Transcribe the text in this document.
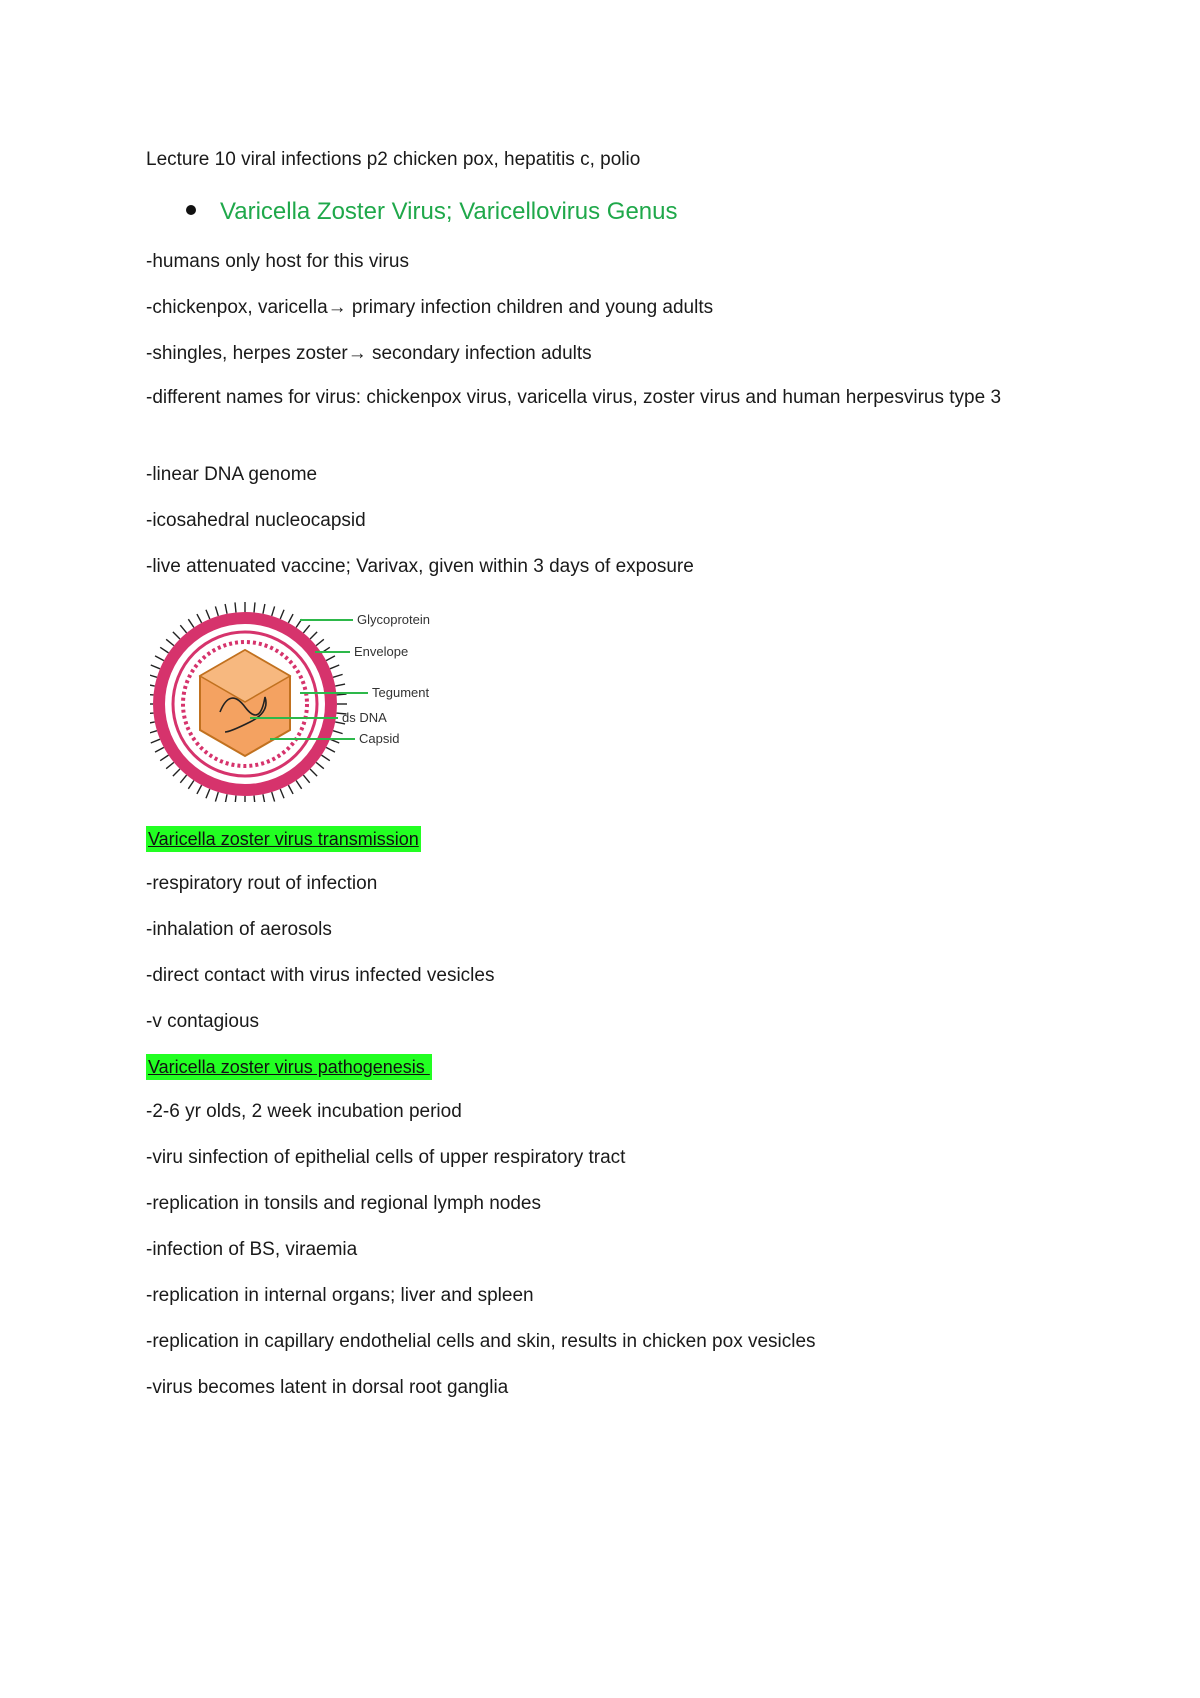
Lecture 10 viral infections p2 chicken pox, hepatitis c, polio
Varicella Zoster Virus; Varicellovirus Genus
-humans only host for this virus
-chickenpox, varicella→ primary infection children and young adults
-shingles, herpes zoster→ secondary infection adults
-different names for virus: chickenpox virus, varicella virus, zoster virus and human herpesvirus type 3
-linear DNA genome
-icosahedral nucleocapsid
-live attenuated vaccine; Varivax, given within 3 days of exposure
Glycoprotein
Envelope
Tegument
ds DNA
Capsid
Varicella zoster virus transmission
-respiratory rout of infection
-inhalation of aerosols
-direct contact with virus infected vesicles
-v contagious
Varicella zoster virus pathogenesis
-2-6 yr olds, 2 week incubation period
-viru sinfection of epithelial cells of upper respiratory tract
-replication in tonsils and regional lymph nodes
-infection of BS, viraemia
-replication in internal organs; liver and spleen
-replication in capillary endothelial cells and skin, results in chicken pox vesicles
-virus becomes latent in dorsal root ganglia
